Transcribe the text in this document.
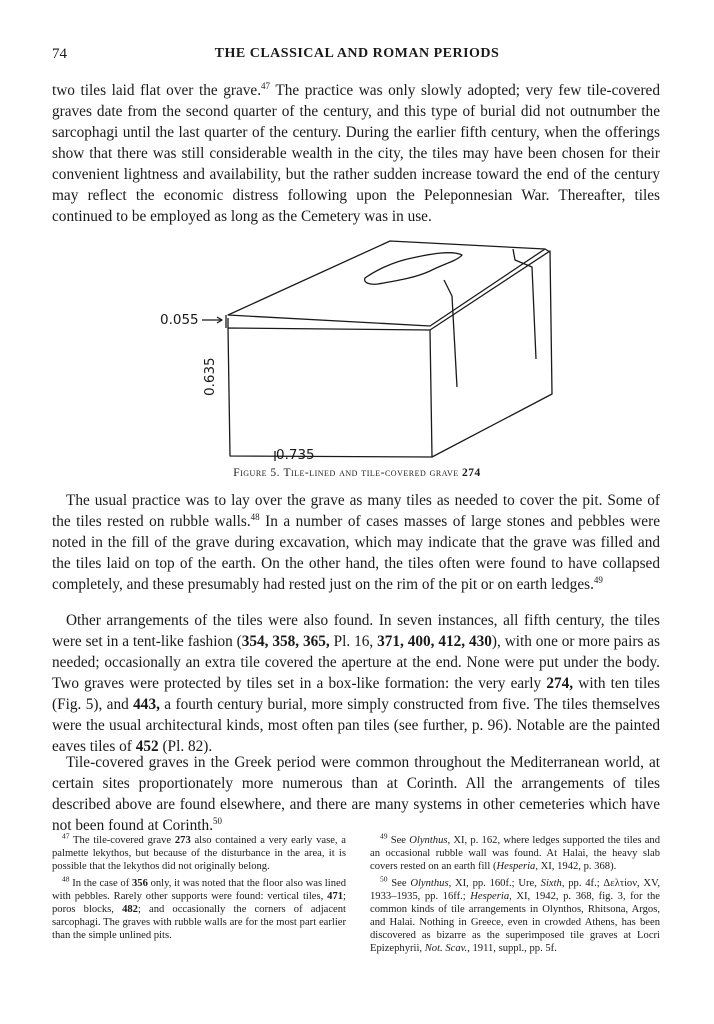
74	THE CLASSICAL AND ROMAN PERIODS

two tiles laid flat over the grave.$^{47}$ The practice was only slowly adopted; very few tile-covered graves date from the second quarter of the century, and this type of burial did not outnumber the sarcophagi until the last quarter of the century. During the earlier fifth century, when the offerings show that there was still considerable wealth in the city, the tiles may have been chosen for their convenient lightness and availability, but the rather sudden increase toward the end of the century may reflect the economic distress following upon the Peleponnesian War. Thereafter, tiles continued to be employed as long as the Cemetery was in use.

0.055
0.635
0.735
Figure 5. Tile-lined and tile-covered grave 274

The usual practice was to lay over the grave as many tiles as needed to cover the pit. Some of the tiles rested on rubble walls.$^{48}$ In a number of cases masses of large stones and pebbles were noted in the fill of the grave during excavation, which may indicate that the grave was filled and the tiles laid on top of the earth. On the other hand, the tiles often were found to have collapsed completely, and these presumably had rested just on the rim of the pit or on earth ledges.$^{49}$

Other arrangements of the tiles were also found. In seven instances, all fifth century, the tiles were set in a tent-like fashion (354, 358, 365, Pl. 16, 371, 400, 412, 430), with one or more pairs as needed; occasionally an extra tile covered the aperture at the end. None were put under the body. Two graves were protected by tiles set in a box-like formation: the very early 274, with ten tiles (Fig. 5), and 443, a fourth century burial, more simply constructed from five. The tiles themselves were the usual architectural kinds, most often pan tiles (see further, p. 96). Notable are the painted eaves tiles of 452 (Pl. 82).

Tile-covered graves in the Greek period were common throughout the Mediterranean world, at certain sites proportionately more numerous than at Corinth. All the arrangements of tiles described above are found elsewhere, and there are many systems in other cemeteries which have not been found at Corinth.$^{50}$

$^{47}$ The tile-covered grave 273 also contained a very early vase, a palmette lekythos, but because of the disturbance in the area, it is possible that the lekythos did not originally belong.

$^{48}$ In the case of 356 only, it was noted that the floor also was lined with pebbles. Rarely other supports were found: vertical tiles, 471; poros blocks, 482; and occasionally the corners of adjacent sarcophagi. The graves with rubble walls are for the most part earlier than the simple unlined pits.

$^{49}$ See Olynthus, XI, p. 162, where ledges supported the tiles and an occasional rubble wall was found. At Halai, the heavy slab covers rested on an earth fill (Hesperia, XI, 1942, p. 368).

$^{50}$ See Olynthus, XI, pp. 160f.; Ure, Sixth, pp. 4f.; Δελτίον, XV, 1933–1935, pp. 16ff.; Hesperia, XI, 1942, p. 368, fig. 3, for the common kinds of tile arrangements in Olynthos, Rhitsona, Argos, and Halai. Nothing in Greece, even in crowded Athens, has been discovered as bizarre as the superimposed tile graves at Locri Epizephyrii, Not. Scav., 1911, suppl., pp. 5f.
